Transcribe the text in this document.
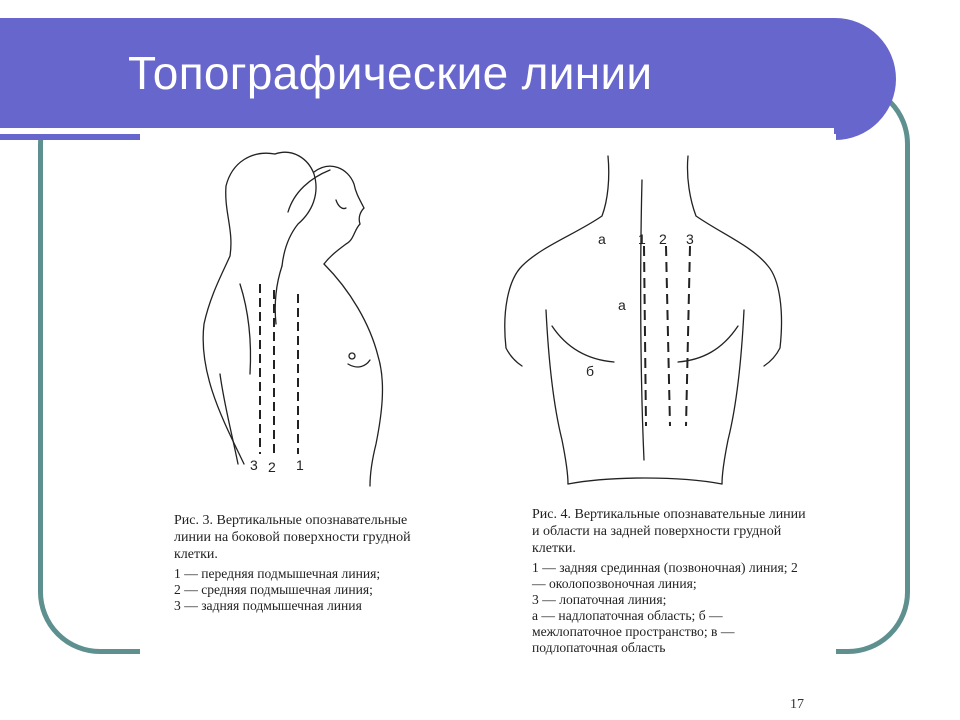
Топографические линии
3 2 1
1 2 3
а
a
б
Рис. 3. Вертикальные опознавательные линии на боковой поверхности грудной клетки.
1 — передняя подмышечная линия;
2 — средняя подмышечная линия;
3 — задняя подмышечная линия
Рис. 4. Вертикальные опознавательные линии и области на задней поверхности грудной клетки.
1 — задняя срединная (позвоночная) линия; 2 — околопозвоночная линия;
3 — лопаточная линия;
а — надлопаточная область; б — межлопаточное пространство; в — подлопаточная область
17
